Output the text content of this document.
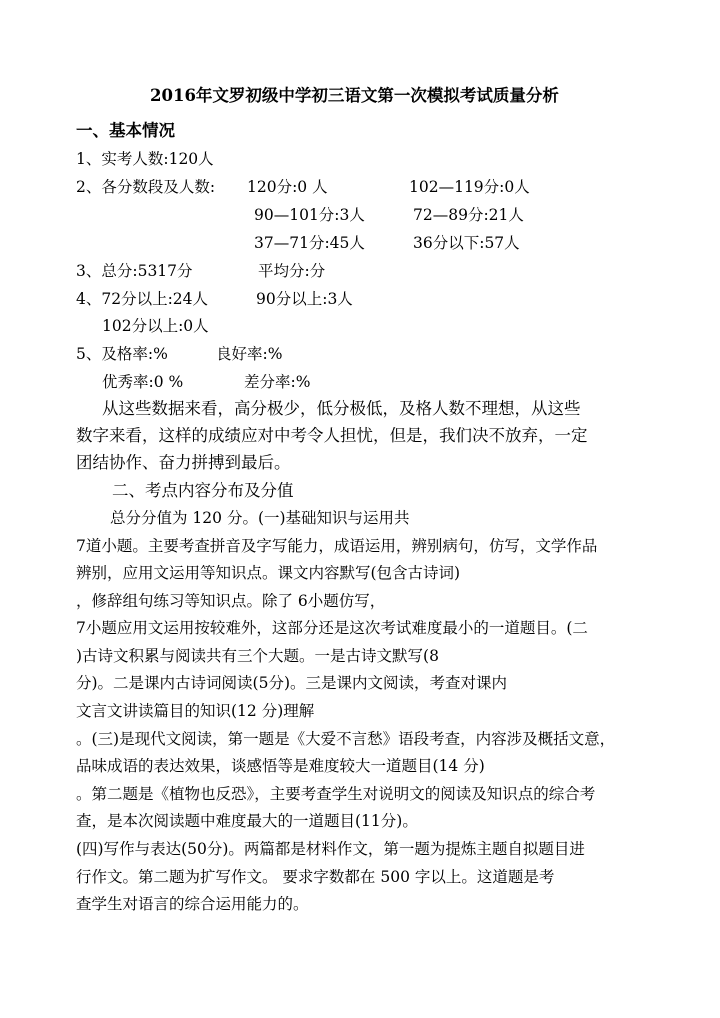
2016年文罗初级中学初三语文第一次模拟考试质量分析
一、基本情况
1、实考人数:120人
2、各分数段及人数: 120分:0 人	102—119分:0人
90—101分:3人	72—89分:21人
37—71分:45人	36分以下:57人
3、总分:5317分	平均分:分
4、72分以上:24人	90分以上:3人
102分以上:0人
5、及格率:%	良好率:%
优秀率:0 %	差分率:%
从这些数据来看，高分极少，低分极低，及格人数不理想，从这些
数字来看，这样的成绩应对中考令人担忧，但是，我们决不放弃，一定
团结协作、奋力拼搏到最后。
二、考点内容分布及分值
总分分值为 120 分。(一)基础知识与运用共
7道小题。主要考查拼音及字写能力，成语运用，辨别病句，仿写，文学作品
辨别，应用文运用等知识点。课文内容默写(包含古诗词)
，修辞组句练习等知识点。除了 6小题仿写，
7小题应用文运用按较难外，这部分还是这次考试难度最小的一道题目。(二
)古诗文积累与阅读共有三个大题。一是古诗文默写(8
分)。二是课内古诗词阅读(5分)。三是课内文阅读，考查对课内
文言文讲读篇目的知识(12 分)理解
。(三)是现代文阅读，第一题是《大爱不言愁》语段考查，内容涉及概括文意，
品味成语的表达效果，谈感悟等是难度较大一道题目(14 分)
。第二题是《植物也反恐》，主要考查学生对说明文的阅读及知识点的综合考
查，是本次阅读题中难度最大的一道题目(11分)。
(四)写作与表达(50分)。两篇都是材料作文，第一题为提炼主题自拟题目进
行作文。第二题为扩写作文。 要求字数都在 500 字以上。这道题是考
查学生对语言的综合运用能力的。
